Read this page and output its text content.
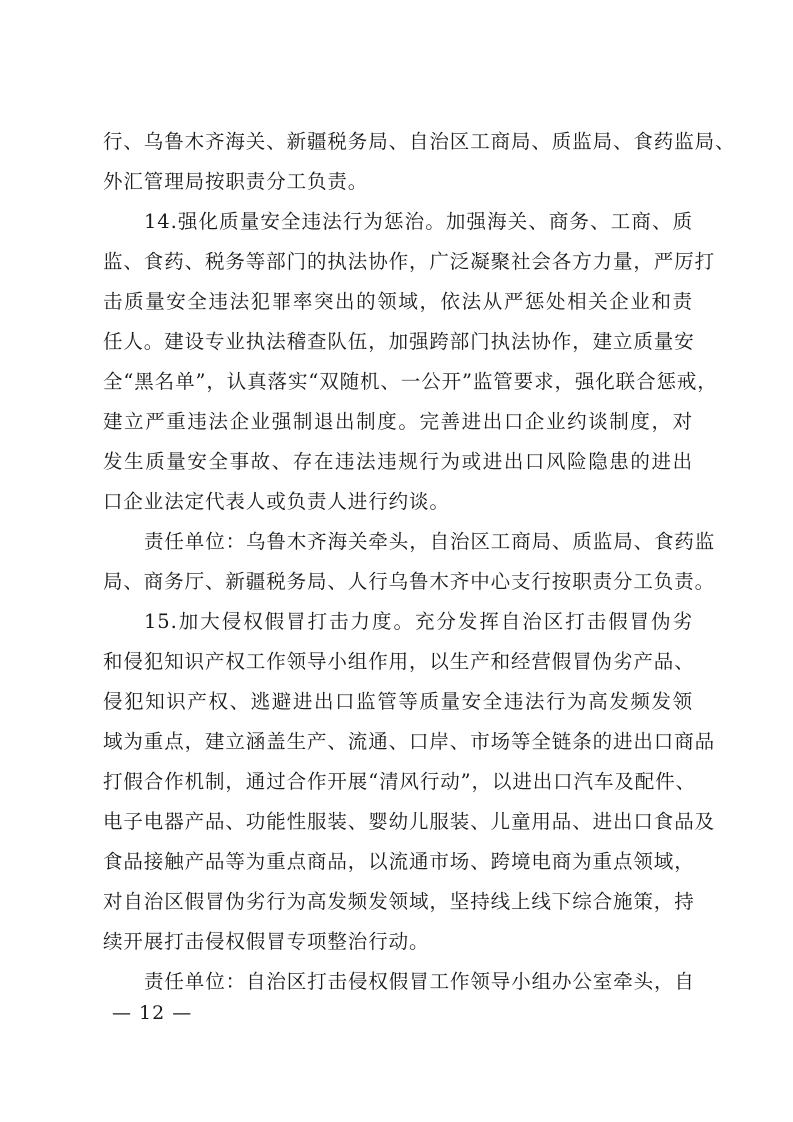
行、乌鲁木齐海关、新疆税务局、自治区工商局、质监局、食药监局、
外汇管理局按职责分工负责。
14.强化质量安全违法行为惩治。加强海关、商务、工商、质
监、食药、税务等部门的执法协作，广泛凝聚社会各方力量，严厉打
击质量安全违法犯罪率突出的领域，依法从严惩处相关企业和责
任人。建设专业执法稽查队伍，加强跨部门执法协作，建立质量安
全“黑名单”，认真落实“双随机、一公开”监管要求，强化联合惩戒，
建立严重违法企业强制退出制度。完善进出口企业约谈制度，对
发生质量安全事故、存在违法违规行为或进出口风险隐患的进出
口企业法定代表人或负责人进行约谈。
责任单位：乌鲁木齐海关牵头，自治区工商局、质监局、食药监
局、商务厅、新疆税务局、人行乌鲁木齐中心支行按职责分工负责。
15.加大侵权假冒打击力度。充分发挥自治区打击假冒伪劣
和侵犯知识产权工作领导小组作用，以生产和经营假冒伪劣产品、
侵犯知识产权、逃避进出口监管等质量安全违法行为高发频发领
域为重点，建立涵盖生产、流通、口岸、市场等全链条的进出口商品
打假合作机制，通过合作开展“清风行动”，以进出口汽车及配件、
电子电器产品、功能性服装、婴幼儿服装、儿童用品、进出口食品及
食品接触产品等为重点商品，以流通市场、跨境电商为重点领域，
对自治区假冒伪劣行为高发频发领域，坚持线上线下综合施策，持
续开展打击侵权假冒专项整治行动。
责任单位：自治区打击侵权假冒工作领导小组办公室牵头，自
— 12 —
